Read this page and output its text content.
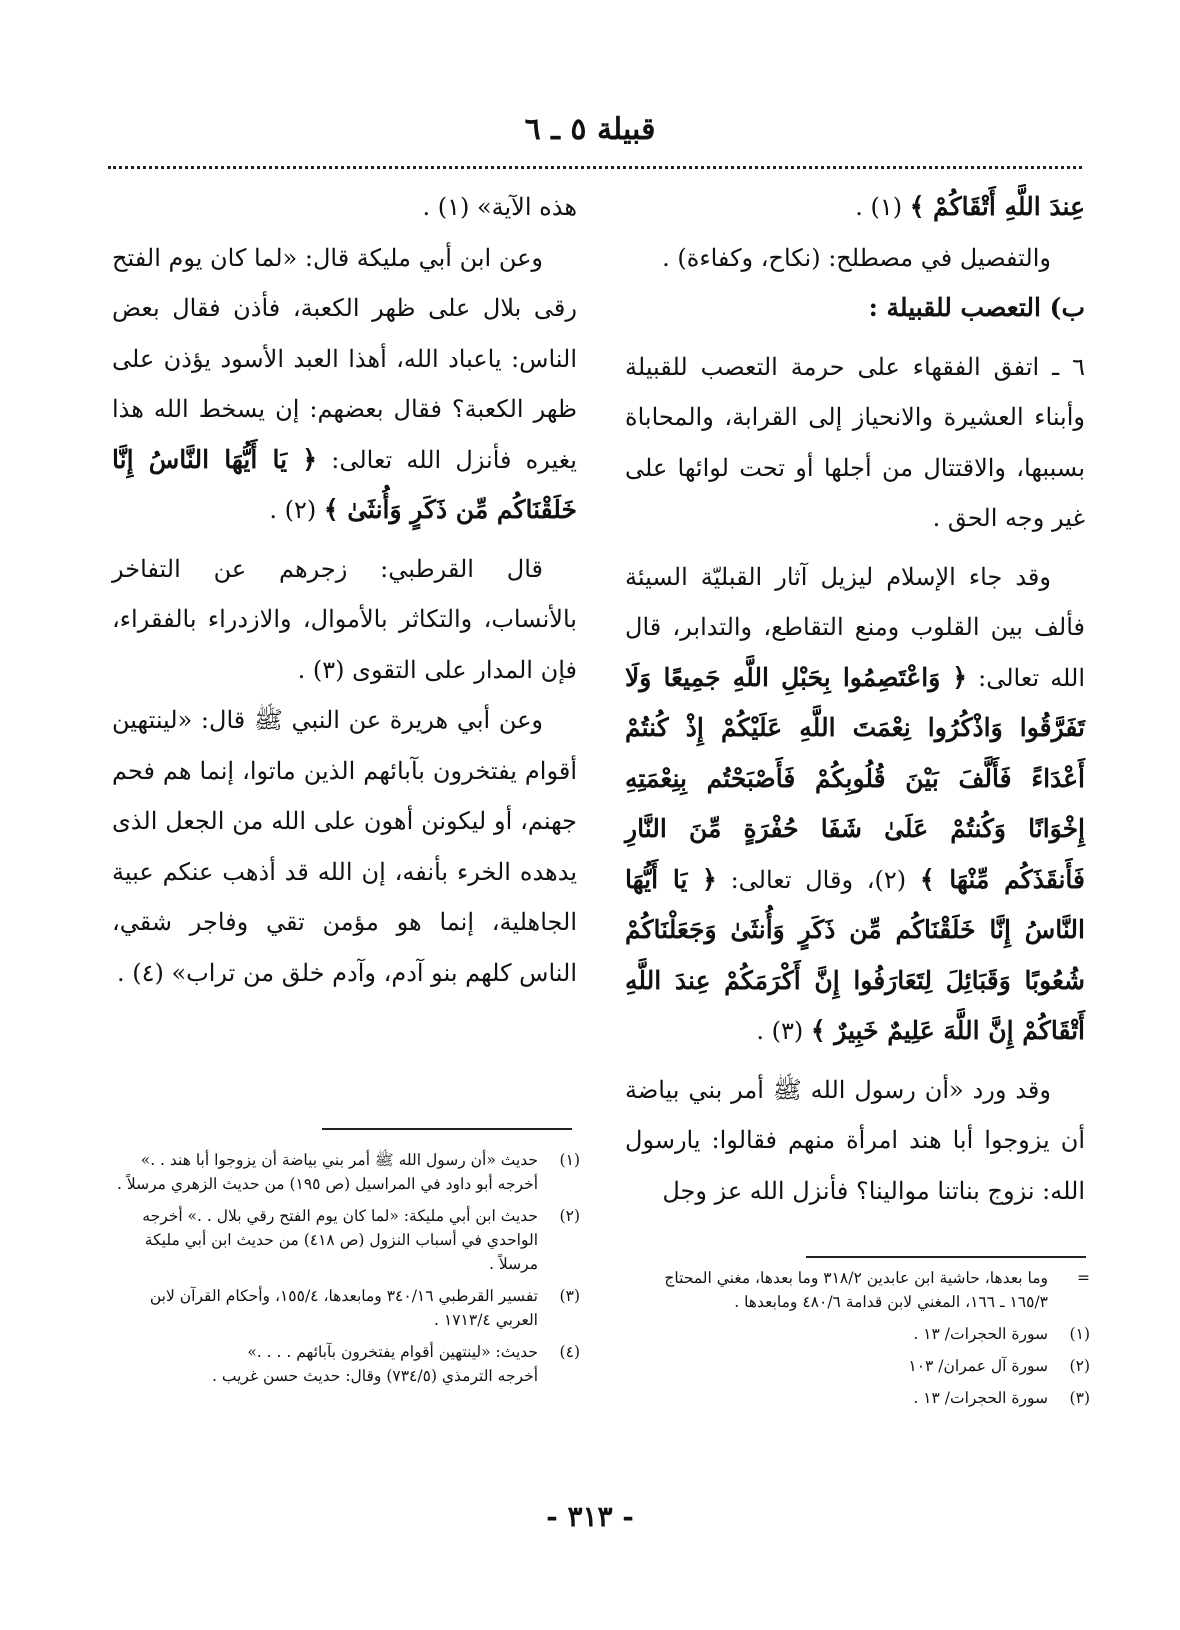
قبيلة ٥ ـ ٦

عِندَ اللَّهِ أَتْقَاكُمْ ﴾ (١) .

والتفصيل في مصطلح: (نكاح، وكفاءة) .

ب) التعصب للقبيلة :

٦ ـ اتفق الفقهاء على حرمة التعصب للقبيلة وأبناء العشيرة والانحياز إلى القرابة، والمحاباة بسببها، والاقتتال من أجلها أو تحت لوائها على غير وجه الحق .

وقد جاء الإسلام ليزيل آثار القبليّة السيئة فألف بين القلوب ومنع التقاطع، والتدابر، قال الله تعالى: ﴿ وَاعْتَصِمُوا بِحَبْلِ اللَّهِ جَمِيعًا وَلَا تَفَرَّقُوا وَاذْكُرُوا نِعْمَتَ اللَّهِ عَلَيْكُمْ إِذْ كُنتُمْ أَعْدَاءً فَأَلَّفَ بَيْنَ قُلُوبِكُمْ فَأَصْبَحْتُم بِنِعْمَتِهِ إِخْوَانًا وَكُنتُمْ عَلَىٰ شَفَا حُفْرَةٍ مِّنَ النَّارِ فَأَنقَذَكُم مِّنْهَا ﴾ (٢)، وقال تعالى: ﴿ يَا أَيُّهَا النَّاسُ إِنَّا خَلَقْنَاكُم مِّن ذَكَرٍ وَأُنثَىٰ وَجَعَلْنَاكُمْ شُعُوبًا وَقَبَائِلَ لِتَعَارَفُوا إِنَّ أَكْرَمَكُمْ عِندَ اللَّهِ أَتْقَاكُمْ إِنَّ اللَّهَ عَلِيمٌ خَبِيرٌ ﴾ (٣) .

وقد ورد «أن رسول الله ﷺ أمر بني بياضة أن يزوجوا أبا هند امرأة منهم فقالوا: يارسول الله: نزوج بناتنا موالينا؟ فأنزل الله عز وجل

هذه الآية» (١) .

وعن ابن أبي مليكة قال: «لما كان يوم الفتح رقى بلال على ظهر الكعبة، فأذن فقال بعض الناس: ياعباد الله، أهذا العبد الأسود يؤذن على ظهر الكعبة؟ فقال بعضهم: إن يسخط الله هذا يغيره فأنزل الله تعالى: ﴿ يَا أَيُّهَا النَّاسُ إِنَّا خَلَقْنَاكُم مِّن ذَكَرٍ وَأُنثَىٰ ﴾ (٢) .

قال القرطبي: زجرهم عن التفاخر بالأنساب، والتكاثر بالأموال، والازدراء بالفقراء، فإن المدار على التقوى (٣) .

وعن أبي هريرة عن النبي ﷺ قال: «لينتهين أقوام يفتخرون بآبائهم الذين ماتوا، إنما هم فحم جهنم، أو ليكونن أهون على الله من الجعل الذى يدهده الخرء بأنفه، إن الله قد أذهب عنكم عبية الجاهلية، إنما هو مؤمن تقي وفاجر شقي، الناس كلهم بنو آدم، وآدم خلق من تراب» (٤) .

=
وما بعدها، حاشية ابن عابدين ٣١٨/٢ وما بعدها، مغني المحتاج ١٦٥/٣ ـ ١٦٦، المغني لابن قدامة ٤٨٠/٦ ومابعدها .
(١)
سورة الحجرات/ ١٣ .
(٢)
سورة آل عمران/ ١٠٣
(٣)
سورة الحجرات/ ١٣ .
(١)
حديث «أن رسول الله ﷺ أمر بني بياضة أن يزوجوا أبا هند . .»
أخرجه أبو داود في المراسيل (ص ١٩٥) من حديث الزهري مرسلاً .
(٢)
حديث ابن أبي مليكة: «لما كان يوم الفتح رقي بلال . .» أخرجه الواحدي في أسباب النزول (ص ٤١٨) من حديث ابن أبي مليكة مرسلاً .
(٣)
تفسير القرطبي ٣٤٠/١٦ ومابعدها، ١٥٥/٤، وأحكام القرآن لابن العربي ١٧١٣/٤ .
(٤)
حديث: «لينتهين أقوام يفتخرون بآبائهم . . . .»
أخرجه الترمذي (٧٣٤/٥) وقال: حديث حسن غريب .
- ٣١٣ -
